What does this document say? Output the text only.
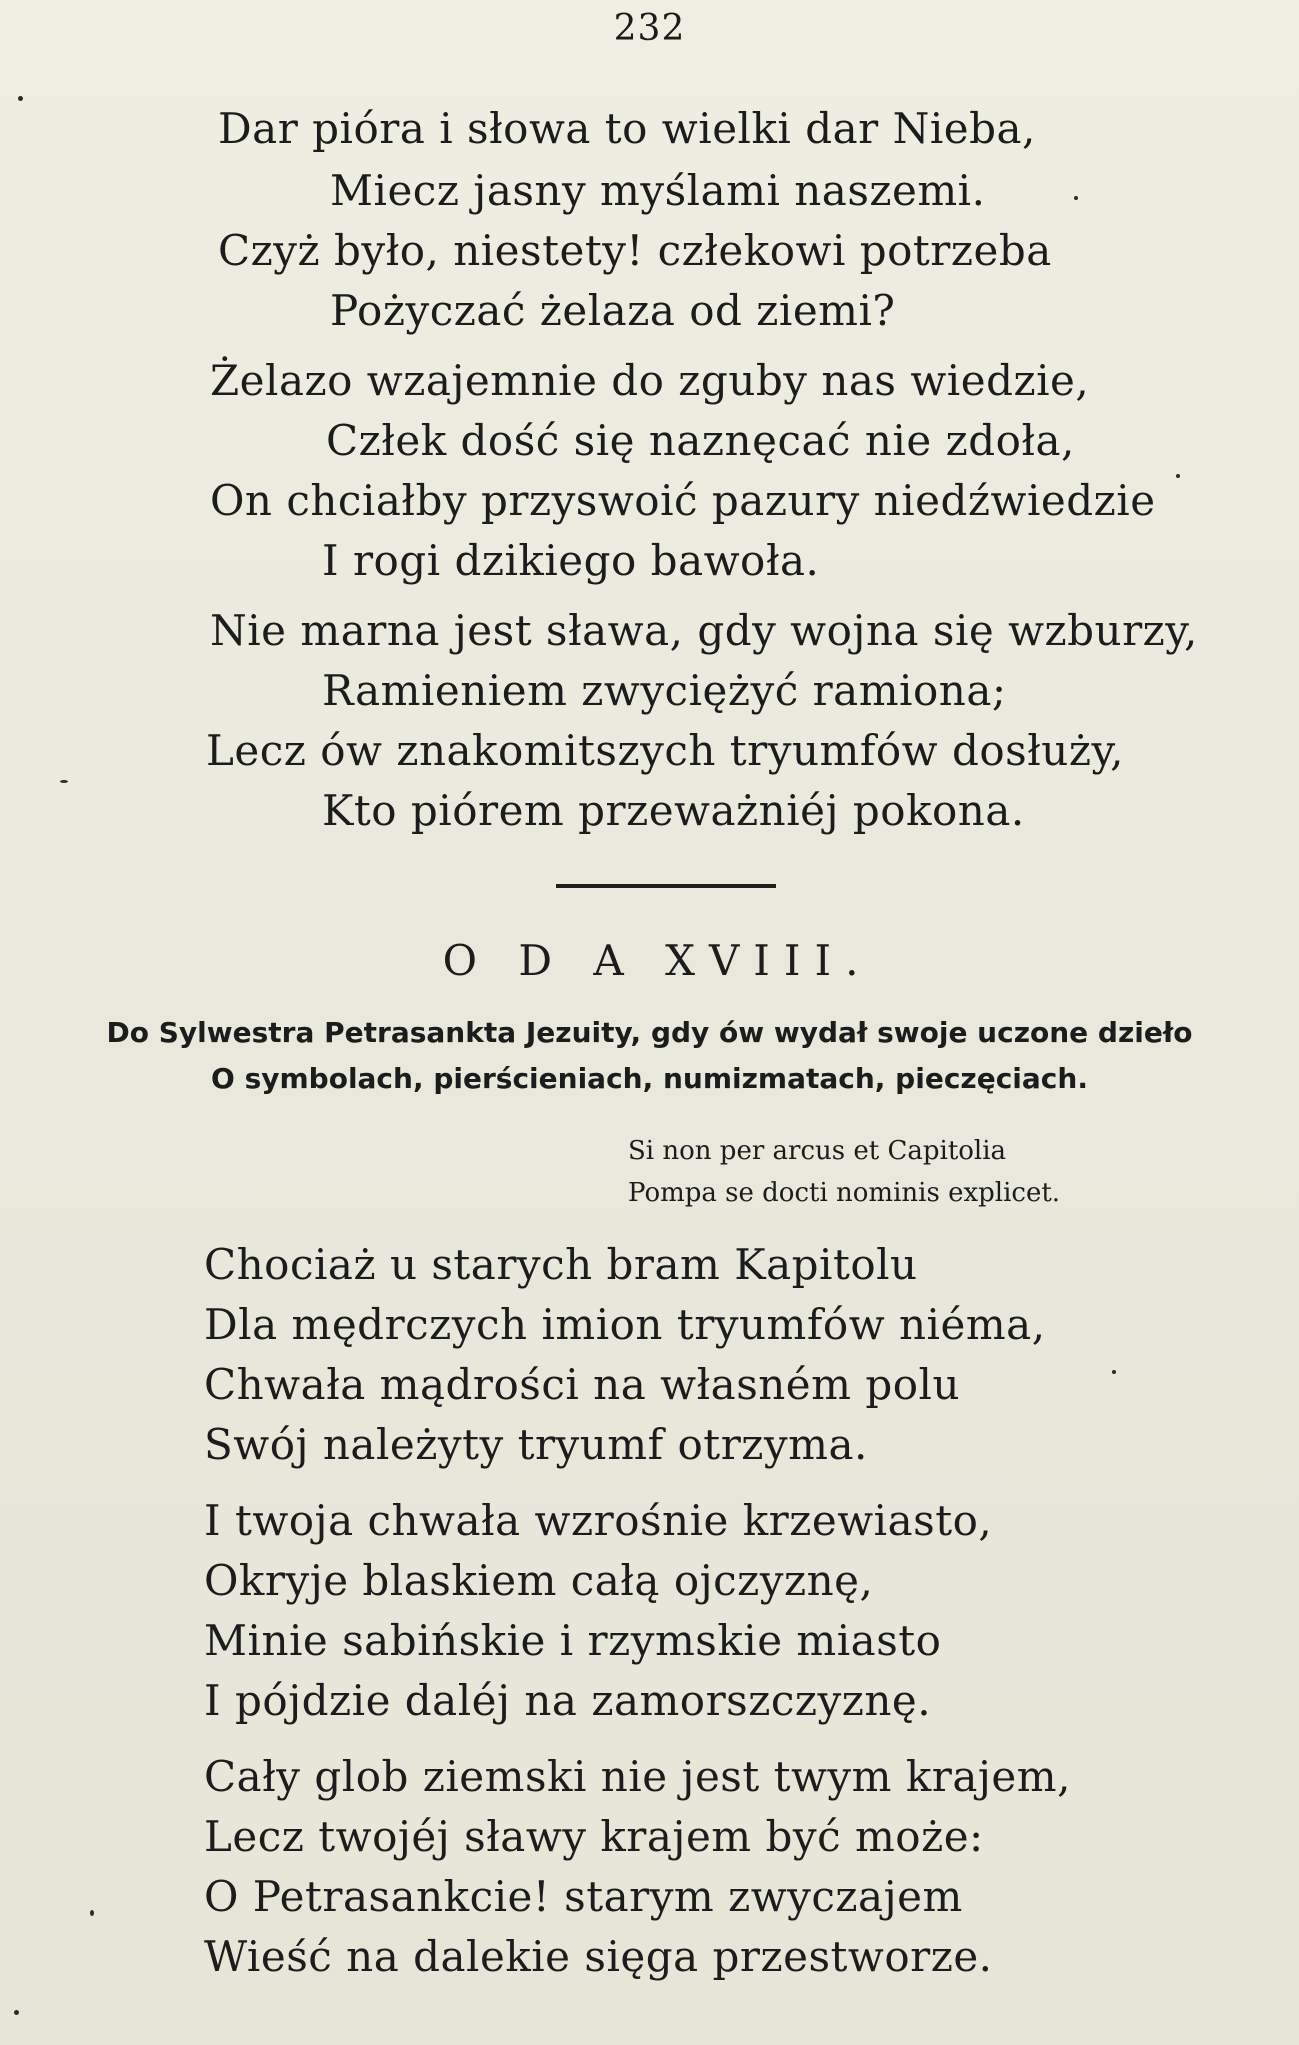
232
Dar pióra i słowa to wielki dar Nieba,
Miecz jasny myślami naszemi.
Czyż było, niestety! człekowi potrzeba
Pożyczać żelaza od ziemi?
Żelazo wzajemnie do zguby nas wiedzie,
Człek dość się naznęcać nie zdoła,
On chciałby przyswoić pazury niedźwiedzie
I rogi dzikiego bawoła.
Nie marna jest sława, gdy wojna się wzburzy,
Ramieniem zwyciężyć ramiona;
Lecz ów znakomitszych tryumfów dosłuży,
Kto piórem przeważniéj pokona.
O D A XVIII.
Do Sylwestra Petrasankta Jezuity, gdy ów wydał swoje uczone dzieło
O symbolach, pierścieniach, numizmatach, pieczęciach.
Si non per arcus et Capitolia
Pompa se docti nominis explicet.
Chociaż u starych bram Kapitolu
Dla mędrczych imion tryumfów niéma,
Chwała mądrości na własném polu
Swój należyty tryumf otrzyma.
I twoja chwała wzrośnie krzewiasto,
Okryje blaskiem całą ojczyznę,
Minie sabińskie i rzymskie miasto
I pójdzie daléj na zamorszczyznę.
Cały glob ziemski nie jest twym krajem,
Lecz twojéj sławy krajem być może:
O Petrasankcie! starym zwyczajem
Wieść na dalekie sięga przestworze.
